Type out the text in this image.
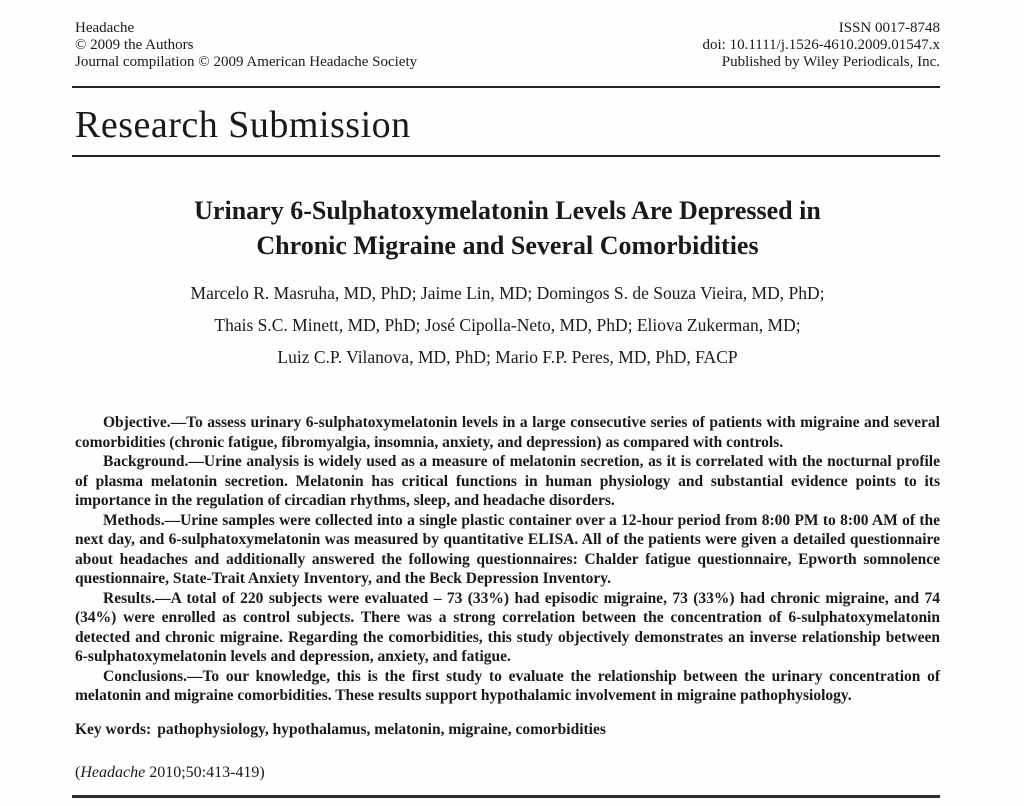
Headache
© 2009 the Authors
Journal compilation © 2009 American Headache Society
ISSN 0017-8748
doi: 10.1111/j.1526-4610.2009.01547.x
Published by Wiley Periodicals, Inc.
Research Submission
Urinary 6-Sulphatoxymelatonin Levels Are Depressed in
Chronic Migraine and Several Comorbidities
Marcelo R. Masruha, MD, PhD; Jaime Lin, MD; Domingos S. de Souza Vieira, MD, PhD;
Thais S.C. Minett, MD, PhD; José Cipolla-Neto, MD, PhD; Eliova Zukerman, MD;
Luiz C.P. Vilanova, MD, PhD; Mario F.P. Peres, MD, PhD, FACP

Objective.—To assess urinary 6-sulphatoxymelatonin levels in a large consecutive series of patients with migraine and several comorbidities (chronic fatigue, fibromyalgia, insomnia, anxiety, and depression) as compared with controls.

Background.—Urine analysis is widely used as a measure of melatonin secretion, as it is correlated with the nocturnal profile of plasma melatonin secretion. Melatonin has critical functions in human physiology and substantial evidence points to its importance in the regulation of circadian rhythms, sleep, and headache disorders.

Methods.—Urine samples were collected into a single plastic container over a 12-hour period from 8:00 PM to 8:00 AM of the next day, and 6-sulphatoxymelatonin was measured by quantitative ELISA. All of the patients were given a detailed questionnaire about headaches and additionally answered the following questionnaires: Chalder fatigue questionnaire, Epworth somnolence questionnaire, State-Trait Anxiety Inventory, and the Beck Depression Inventory.

Results.—A total of 220 subjects were evaluated – 73 (33%) had episodic migraine, 73 (33%) had chronic migraine, and 74 (34%) were enrolled as control subjects. There was a strong correlation between the concentration of 6-sulphatoxymelatonin detected and chronic migraine. Regarding the comorbidities, this study objectively demonstrates an inverse relationship between 6-sulphatoxymelatonin levels and depression, anxiety, and fatigue.

Conclusions.—To our knowledge, this is the first study to evaluate the relationship between the urinary concentration of melatonin and migraine comorbidities. These results support hypothalamic involvement in migraine pathophysiology.

Key words: pathophysiology, hypothalamus, melatonin, migraine, comorbidities
(Headache 2010;50:413-419)
